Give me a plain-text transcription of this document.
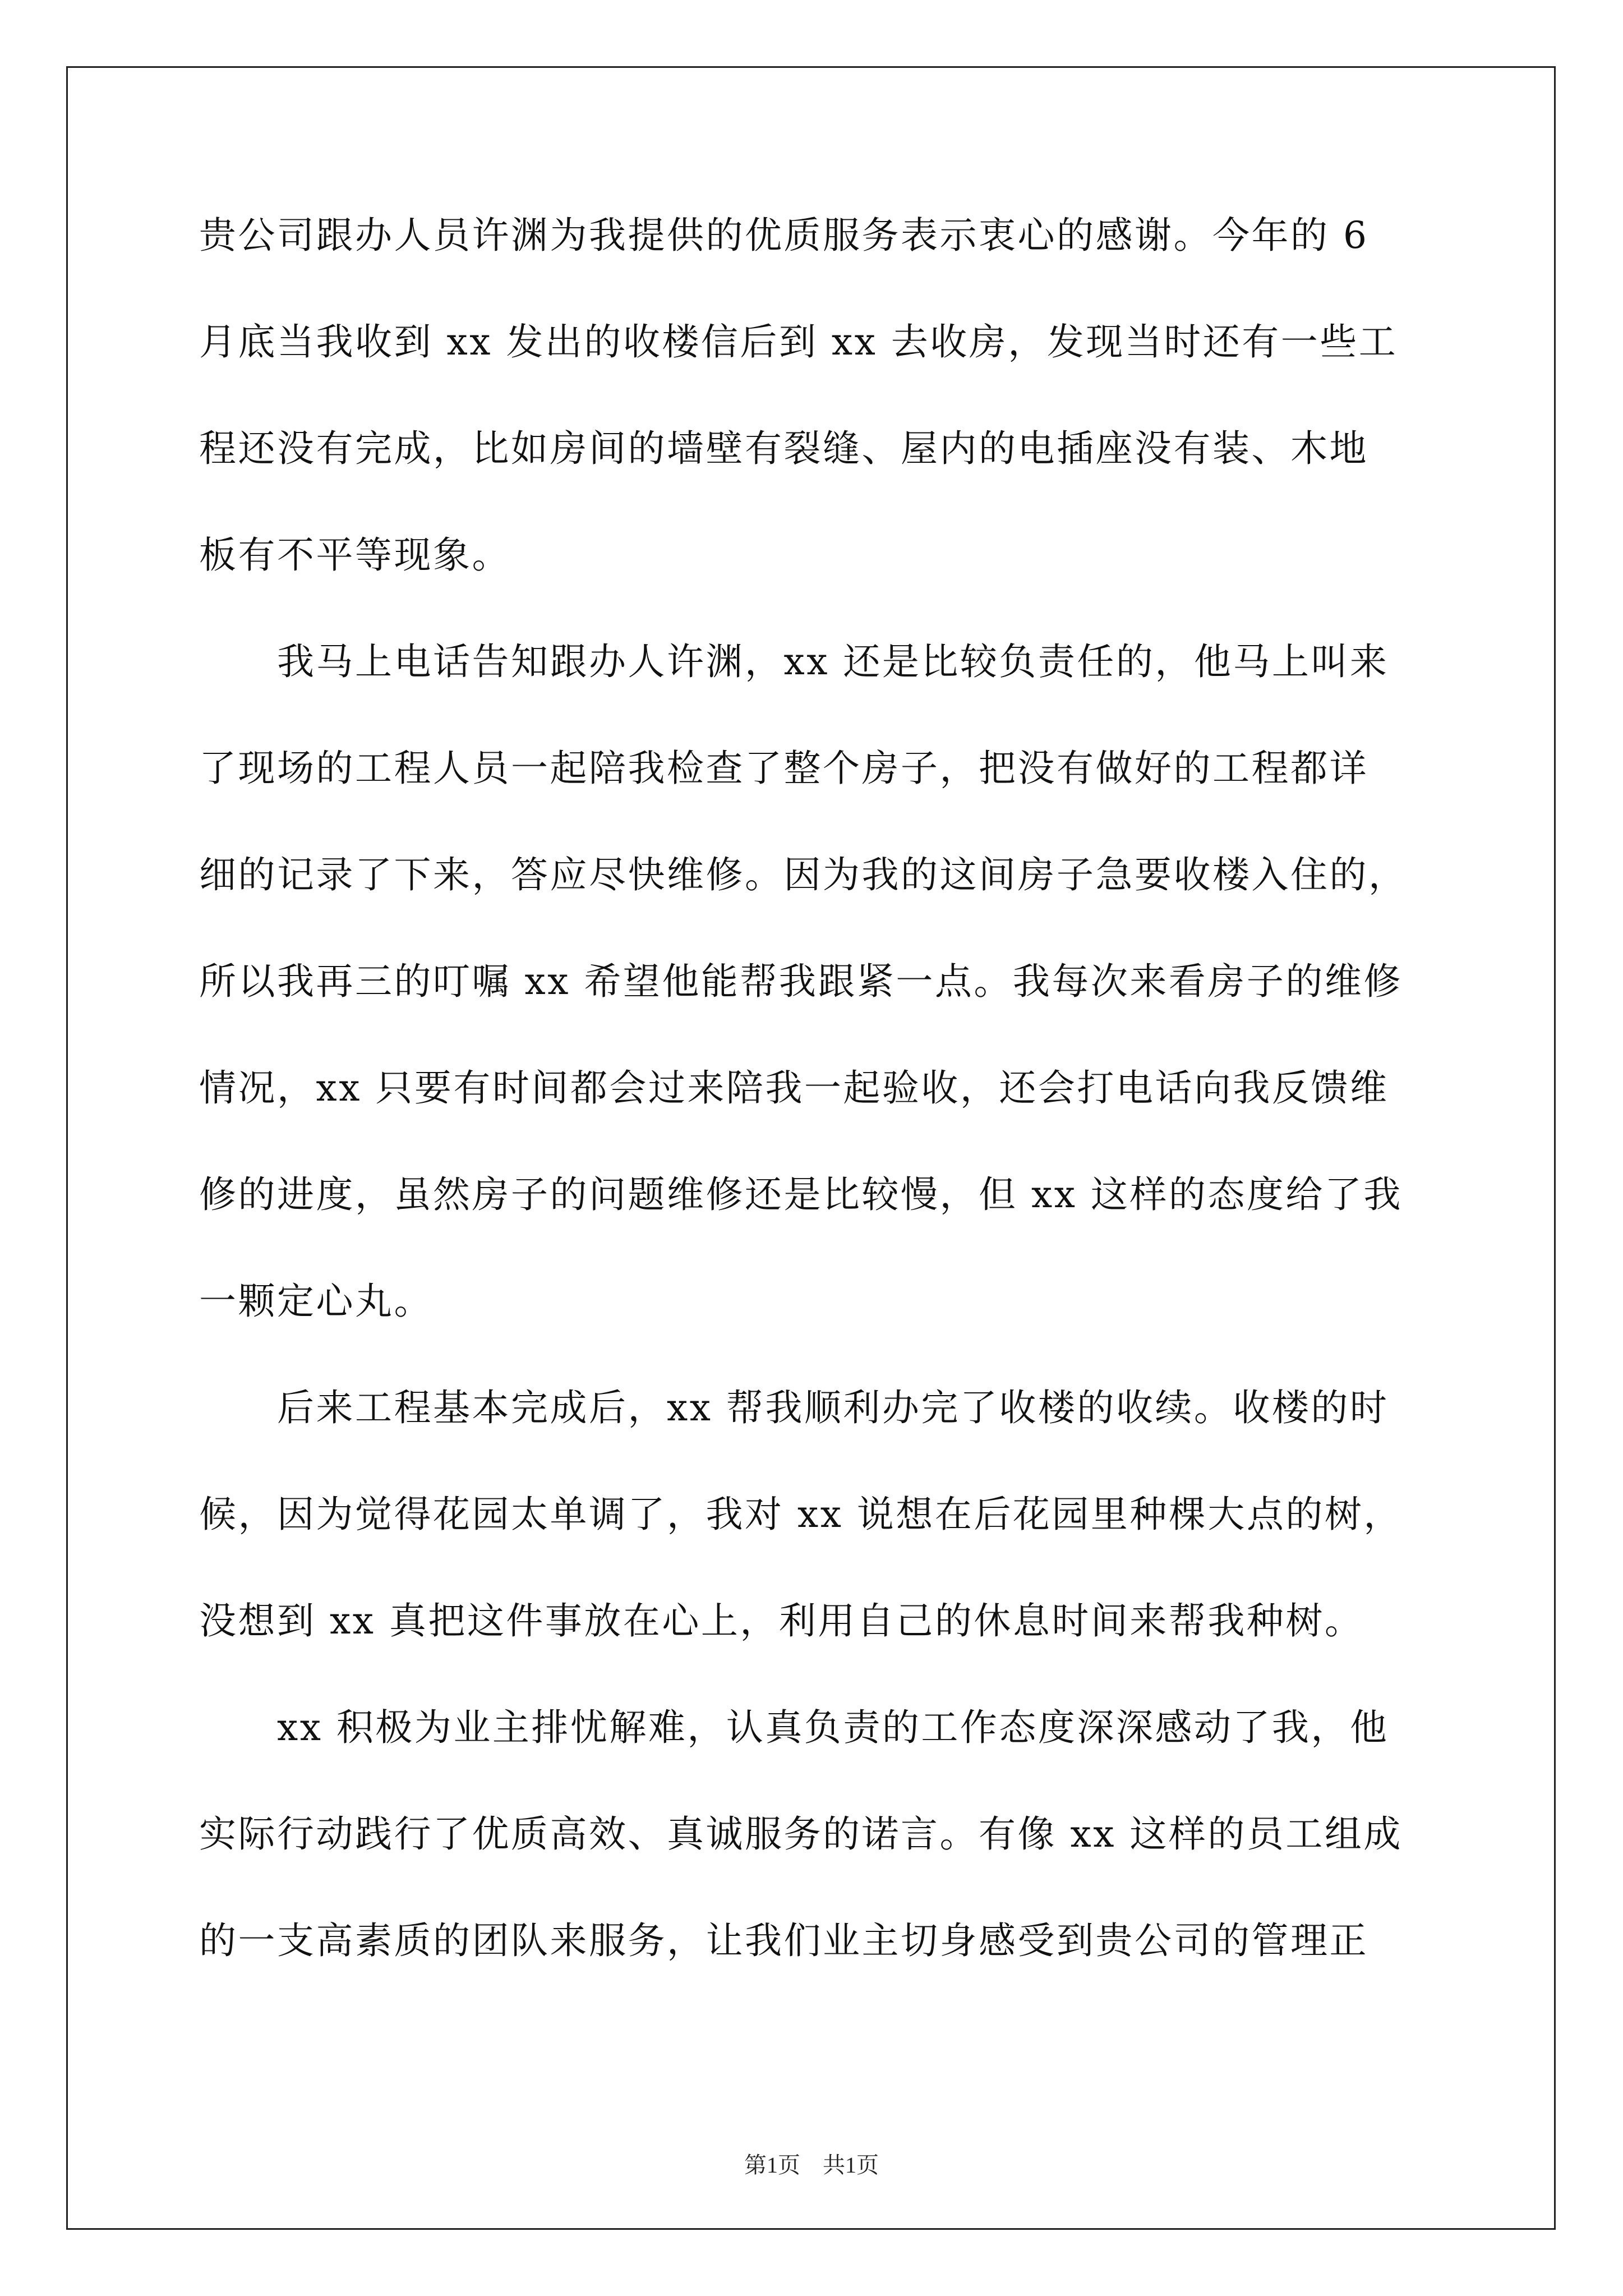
贵公司跟办人员许渊为我提供的优质服务表示衷心的感谢。今年的 6
月底当我收到 xx 发出的收楼信后到 xx 去收房，发现当时还有一些工
程还没有完成，比如房间的墙壁有裂缝、屋内的电插座没有装、木地
板有不平等现象。
　　我马上电话告知跟办人许渊，xx 还是比较负责任的，他马上叫来
了现场的工程人员一起陪我检查了整个房子，把没有做好的工程都详
细的记录了下来，答应尽快维修。因为我的这间房子急要收楼入住的，
所以我再三的叮嘱 xx 希望他能帮我跟紧一点。我每次来看房子的维修
情况，xx 只要有时间都会过来陪我一起验收，还会打电话向我反馈维
修的进度，虽然房子的问题维修还是比较慢，但 xx 这样的态度给了我
一颗定心丸。
　　后来工程基本完成后，xx 帮我顺利办完了收楼的收续。收楼的时
候，因为觉得花园太单调了，我对 xx 说想在后花园里种棵大点的树，
没想到 xx 真把这件事放在心上，利用自己的休息时间来帮我种树。
　　xx 积极为业主排忧解难，认真负责的工作态度深深感动了我，他
实际行动践行了优质高效、真诚服务的诺言。有像 xx 这样的员工组成
的一支高素质的团队来服务，让我们业主切身感受到贵公司的管理正
第1页　共1页
